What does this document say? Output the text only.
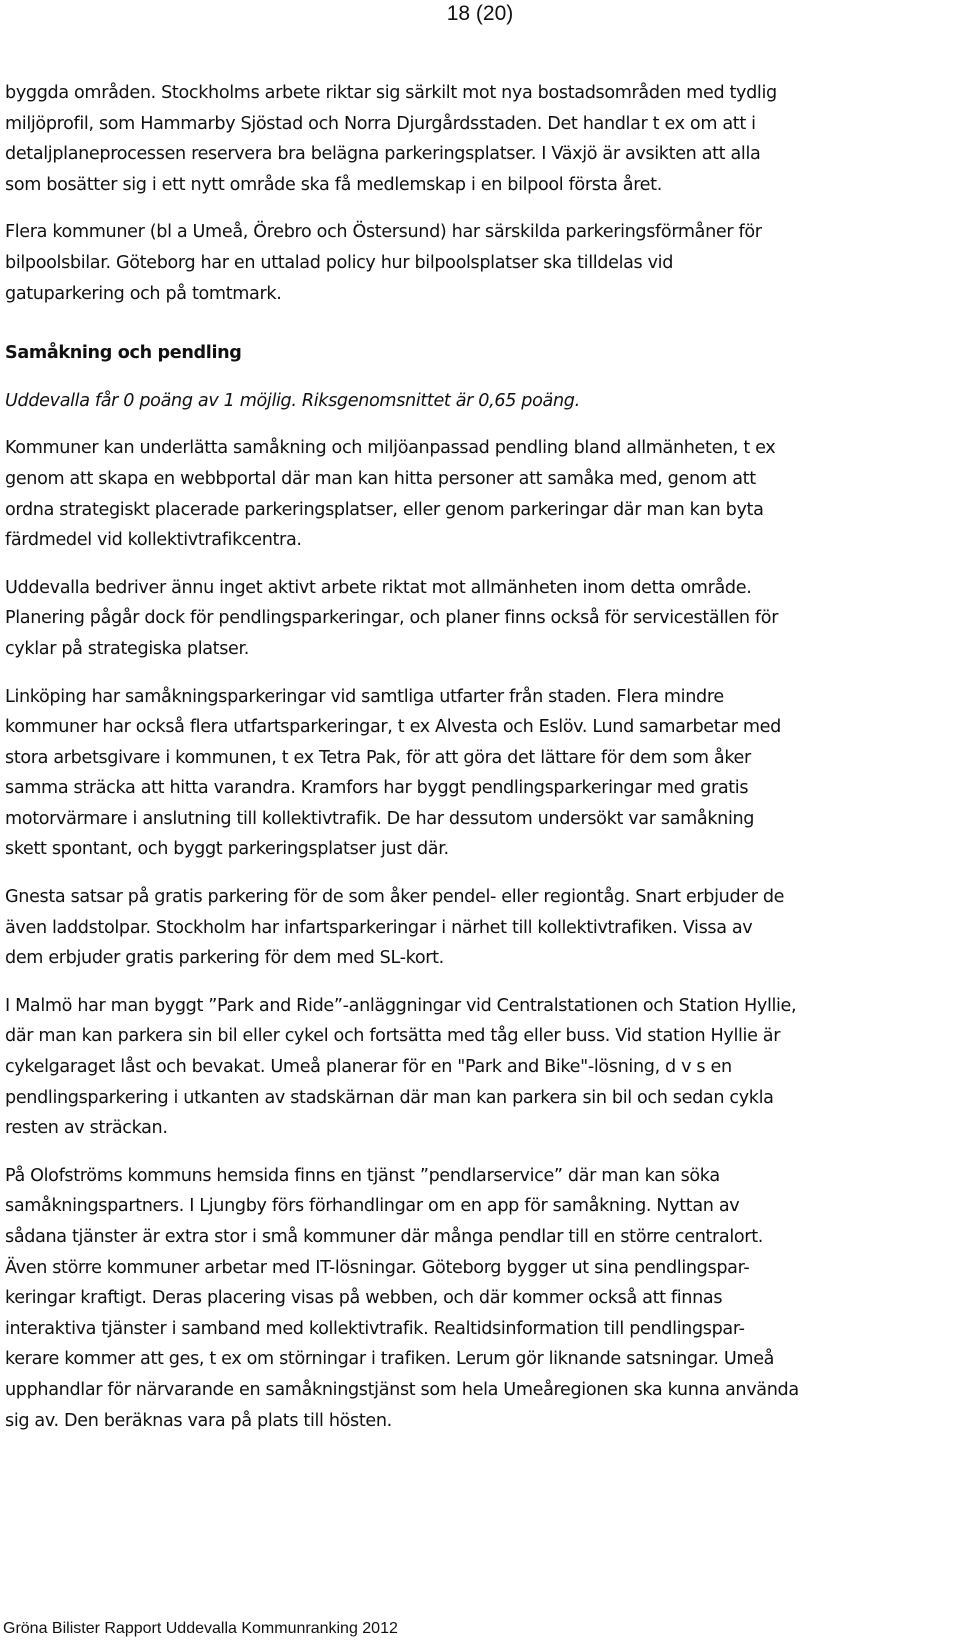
18 (20)

byggda områden. Stockholms arbete riktar sig särkilt mot nya bostadsområden med tydlig
miljöprofil, som Hammarby Sjöstad och Norra Djurgårdsstaden. Det handlar t ex om att i
detaljplaneprocessen reservera bra belägna parkeringsplatser. I Växjö är avsikten att alla
som bosätter sig i ett nytt område ska få medlemskap i en bilpool första året.

Flera kommuner (bl a Umeå, Örebro och Östersund) har särskilda parkeringsförmåner för
bilpoolsbilar. Göteborg har en uttalad policy hur bilpoolsplatser ska tilldelas vid
gatuparkering och på tomtmark.

Samåkning och pendling

Uddevalla får 0 poäng av 1 möjlig. Riksgenomsnittet är 0,65 poäng.

Kommuner kan underlätta samåkning och miljöanpassad pendling bland allmänheten, t ex
genom att skapa en webbportal där man kan hitta personer att samåka med, genom att
ordna strategiskt placerade parkeringsplatser, eller genom parkeringar där man kan byta
färdmedel vid kollektivtrafikcentra.

Uddevalla bedriver ännu inget aktivt arbete riktat mot allmänheten inom detta område.
Planering pågår dock för pendlingsparkeringar, och planer finns också för serviceställen för
cyklar på strategiska platser.

Linköping har samåkningsparkeringar vid samtliga utfarter från staden. Flera mindre
kommuner har också flera utfartsparkeringar, t ex Alvesta och Eslöv. Lund samarbetar med
stora arbetsgivare i kommunen, t ex Tetra Pak, för att göra det lättare för dem som åker
samma sträcka att hitta varandra. Kramfors har byggt pendlingsparkeringar med gratis
motorvärmare i anslutning till kollektivtrafik. De har dessutom undersökt var samåkning
skett spontant, och byggt parkeringsplatser just där.

Gnesta satsar på gratis parkering för de som åker pendel- eller regiontåg. Snart erbjuder de
även laddstolpar. Stockholm har infartsparkeringar i närhet till kollektivtrafiken. Vissa av
dem erbjuder gratis parkering för dem med SL-kort.

I Malmö har man byggt ”Park and Ride”-anläggningar vid Centralstationen och Station Hyllie,
där man kan parkera sin bil eller cykel och fortsätta med tåg eller buss. Vid station Hyllie är
cykelgaraget låst och bevakat. Umeå planerar för en "Park and Bike"-lösning, d v s en
pendlingsparkering i utkanten av stadskärnan där man kan parkera sin bil och sedan cykla
resten av sträckan.

På Olofströms kommuns hemsida finns en tjänst ”pendlarservice” där man kan söka
samåkningspartners. I Ljungby förs förhandlingar om en app för samåkning. Nyttan av
sådana tjänster är extra stor i små kommuner där många pendlar till en större centralort.
Även större kommuner arbetar med IT-lösningar. Göteborg bygger ut sina pendlingspar-
keringar kraftigt. Deras placering visas på webben, och där kommer också att finnas
interaktiva tjänster i samband med kollektivtrafik. Realtidsinformation till pendlingspar-
kerare kommer att ges, t ex om störningar i trafiken. Lerum gör liknande satsningar. Umeå
upphandlar för närvarande en samåkningstjänst som hela Umeåregionen ska kunna använda
sig av. Den beräknas vara på plats till hösten.

Gröna Bilister Rapport Uddevalla Kommunranking 2012
